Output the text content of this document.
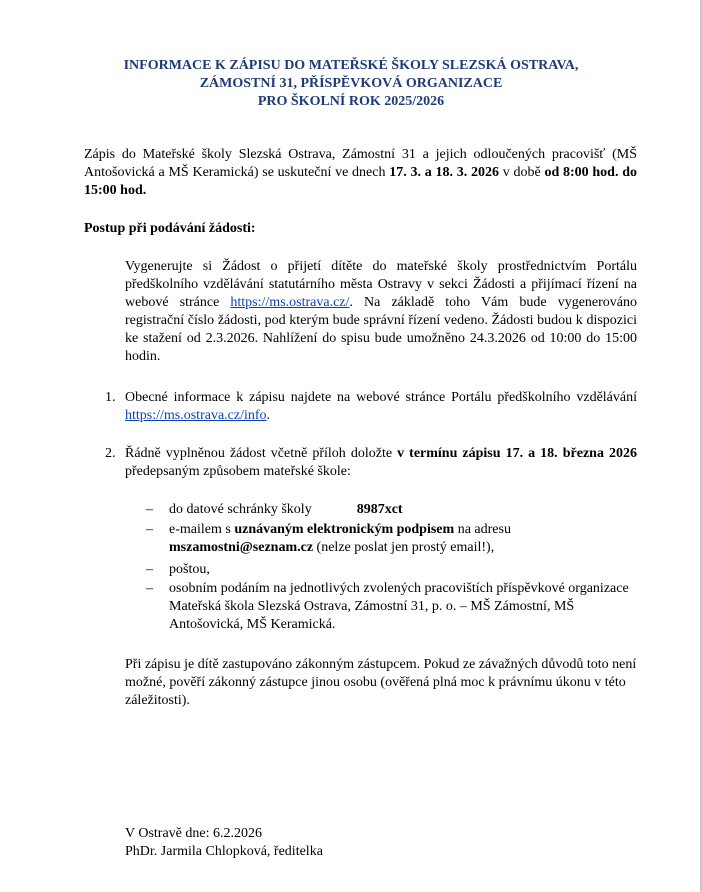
INFORMACE K ZÁPISU DO MATEŘSKÉ ŠKOLY SLEZSKÁ OSTRAVA,
ZÁMOSTNÍ 31, PŘÍSPĚVKOVÁ ORGANIZACE
PRO ŠKOLNÍ ROK 2025/2026

Zápis do Mateřské školy Slezská Ostrava, Zámostní 31 a jejich odloučených pracovišť (MŠ Antošovická a MŠ Keramická) se uskuteční ve dnech 17. 3. a 18. 3. 2026 v době od 8:00 hod. do 15:00 hod.

Postup při podávání žádosti:

Vygenerujte si Žádost o přijetí dítěte do mateřské školy prostřednictvím Portálu předškolního vzdělávání statutárního města Ostravy v sekci Žádosti a přijímací řízení na webové stránce https://ms.ostrava.cz/. Na základě toho Vám bude vygenerováno registrační číslo žádosti, pod kterým bude správní řízení vedeno. Žádosti budou k dispozici ke stažení od 2.3.2026. Nahlížení do spisu bude umožněno 24.3.2026 od 10:00 do 15:00 hodin.

1. Obecné informace k zápisu najdete na webové stránce Portálu předškolního vzdělávání https://ms.ostrava.cz/info.
2. Řádně vyplněnou žádost včetně příloh doložte v termínu zápisu 17. a 18. března 2026 předepsaným způsobem mateřské škole:
– do datové schránky školy	8987xct
– e-mailem s uznávaným elektronickým podpisem na adresu mszamostni@seznam.cz (nelze poslat jen prostý email!),
– poštou,
– osobním podáním na jednotlivých zvolených pracovištích příspěvkové organizace Mateřská škola Slezská Ostrava, Zámostní 31, p. o. – MŠ Zámostní, MŠ Antošovická, MŠ Keramická.

Při zápisu je dítě zastupováno zákonným zástupcem. Pokud ze závažných důvodů toto není možné, pověří zákonný zástupce jinou osobu (ověřená plná moc k právnímu úkonu v této záležitosti).

V Ostravě dne: 6.2.2026
PhDr. Jarmila Chlopková, ředitelka
